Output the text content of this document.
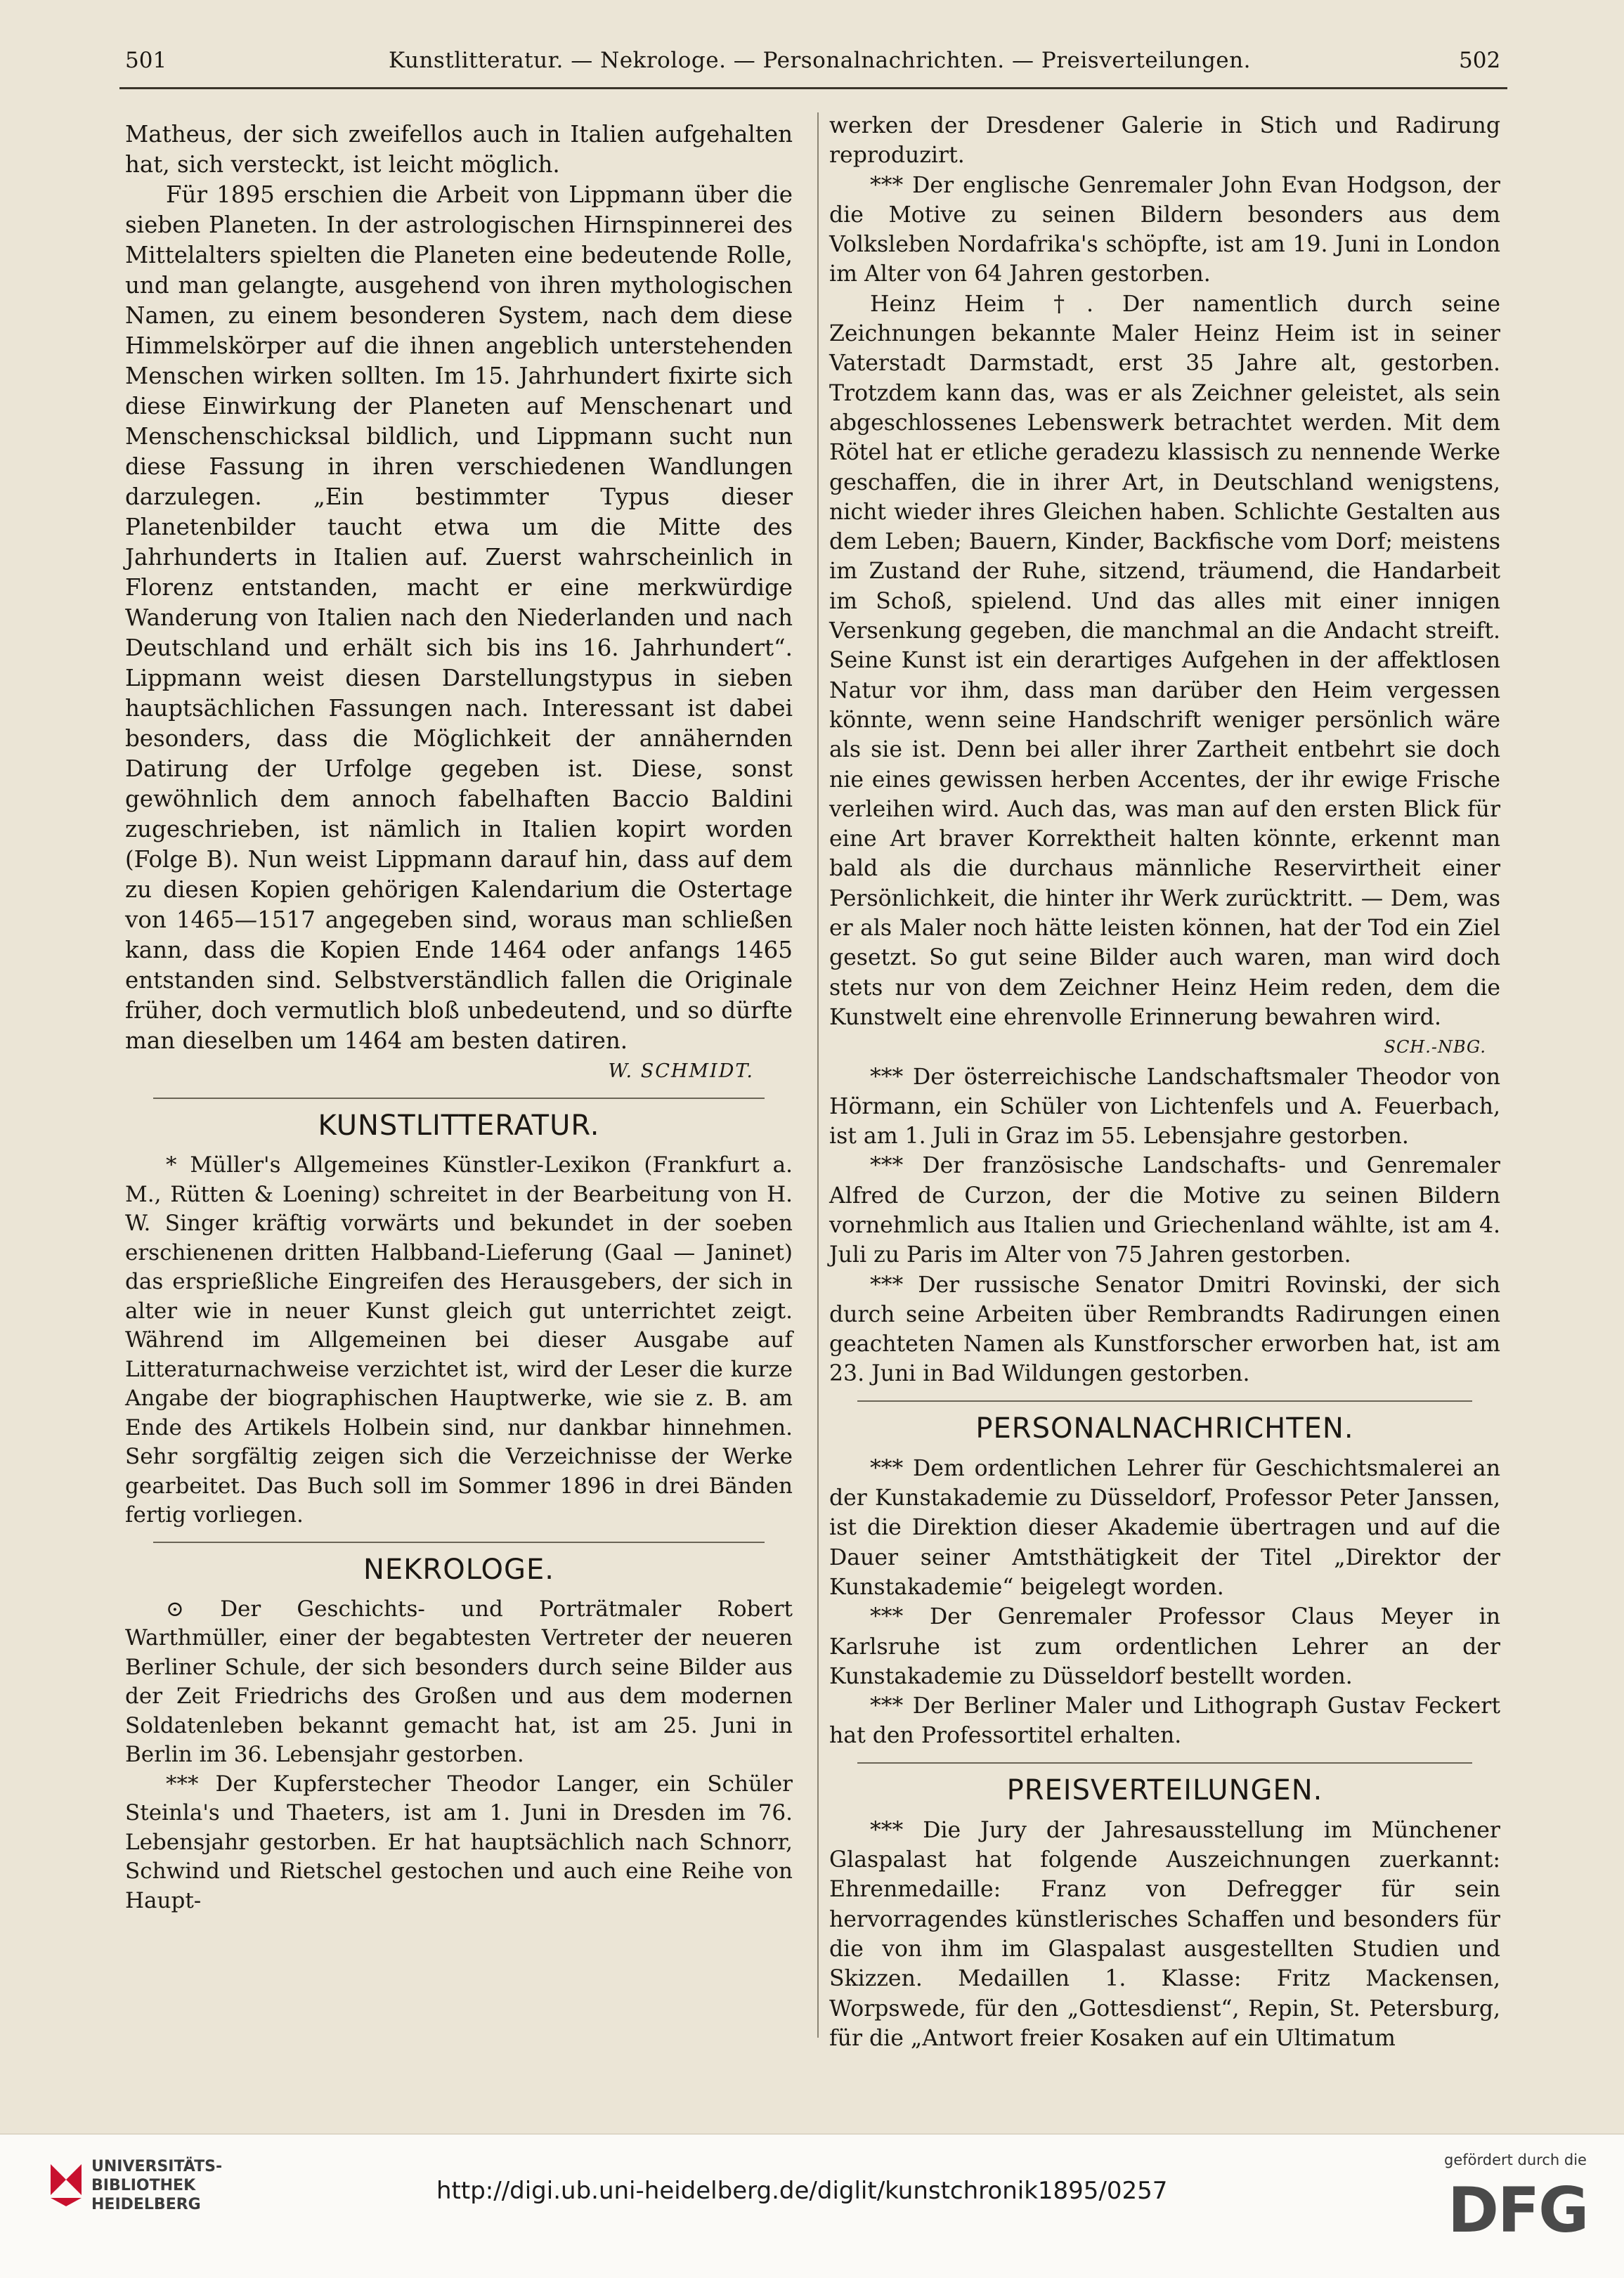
501	Kunstlitteratur. — Nekrologe. — Personalnachrichten. — Preisverteilungen.	502

Matheus, der sich zweifellos auch in Italien aufgehalten hat, sich versteckt, ist leicht möglich.

Für 1895 erschien die Arbeit von Lippmann über die sieben Planeten. In der astrologischen Hirnspinnerei des Mittelalters spielten die Planeten eine bedeutende Rolle, und man gelangte, ausgehend von ihren mythologischen Namen, zu einem besonderen System, nach dem diese Himmelskörper auf die ihnen angeblich unterstehenden Menschen wirken sollten. Im 15. Jahrhundert fixirte sich diese Einwirkung der Planeten auf Menschenart und Menschenschicksal bildlich, und Lippmann sucht nun diese Fassung in ihren verschiedenen Wandlungen darzulegen. „Ein bestimmter Typus dieser Planetenbilder taucht etwa um die Mitte des Jahrhunderts in Italien auf. Zuerst wahrscheinlich in Florenz entstanden, macht er eine merkwürdige Wanderung von Italien nach den Niederlanden und nach Deutschland und erhält sich bis ins 16. Jahrhundert“. Lippmann weist diesen Darstellungstypus in sieben hauptsächlichen Fassungen nach. Interessant ist dabei besonders, dass die Möglichkeit der annähernden Datirung der Urfolge gegeben ist. Diese, sonst gewöhnlich dem annoch fabelhaften Baccio Baldini zugeschrieben, ist nämlich in Italien kopirt worden (Folge B). Nun weist Lippmann darauf hin, dass auf dem zu diesen Kopien gehörigen Kalendarium die Ostertage von 1465—1517 angegeben sind, woraus man schließen kann, dass die Kopien Ende 1464 oder anfangs 1465 entstanden sind. Selbstverständlich fallen die Originale früher, doch vermutlich bloß unbedeutend, und so dürfte man dieselben um 1464 am besten datiren.

W. SCHMIDT.

KUNSTLITTERATUR.

* Müller's Allgemeines Künstler-Lexikon (Frankfurt a. M., Rütten & Loening) schreitet in der Bearbeitung von H. W. Singer kräftig vorwärts und bekundet in der soeben erschienenen dritten Halbband-Lieferung (Gaal — Janinet) das ersprießliche Eingreifen des Herausgebers, der sich in alter wie in neuer Kunst gleich gut unterrichtet zeigt. Während im Allgemeinen bei dieser Ausgabe auf Litteraturnachweise verzichtet ist, wird der Leser die kurze Angabe der biographischen Hauptwerke, wie sie z. B. am Ende des Artikels Holbein sind, nur dankbar hinnehmen. Sehr sorgfältig zeigen sich die Verzeichnisse der Werke gearbeitet. Das Buch soll im Sommer 1896 in drei Bänden fertig vorliegen.

NEKROLOGE.

⊙ Der Geschichts- und Porträtmaler Robert Warthmüller, einer der begabtesten Vertreter der neueren Berliner Schule, der sich besonders durch seine Bilder aus der Zeit Friedrichs des Großen und aus dem modernen Soldatenleben bekannt gemacht hat, ist am 25. Juni in Berlin im 36. Lebensjahr gestorben.

*** Der Kupferstecher Theodor Langer, ein Schüler Steinla's und Thaeters, ist am 1. Juni in Dresden im 76. Lebensjahr gestorben. Er hat hauptsächlich nach Schnorr, Schwind und Rietschel gestochen und auch eine Reihe von Haupt-

werken der Dresdener Galerie in Stich und Radirung reproduzirt.

*** Der englische Genremaler John Evan Hodgson, der die Motive zu seinen Bildern besonders aus dem Volksleben Nordafrika's schöpfte, ist am 19. Juni in London im Alter von 64 Jahren gestorben.

Heinz Heim †. Der namentlich durch seine Zeichnungen bekannte Maler Heinz Heim ist in seiner Vaterstadt Darmstadt, erst 35 Jahre alt, gestorben. Trotzdem kann das, was er als Zeichner geleistet, als sein abgeschlossenes Lebenswerk betrachtet werden. Mit dem Rötel hat er etliche geradezu klassisch zu nennende Werke geschaffen, die in ihrer Art, in Deutschland wenigstens, nicht wieder ihres Gleichen haben. Schlichte Gestalten aus dem Leben; Bauern, Kinder, Backfische vom Dorf; meistens im Zustand der Ruhe, sitzend, träumend, die Handarbeit im Schoß, spielend. Und das alles mit einer innigen Versenkung gegeben, die manchmal an die Andacht streift. Seine Kunst ist ein derartiges Aufgehen in der affektlosen Natur vor ihm, dass man darüber den Heim vergessen könnte, wenn seine Handschrift weniger persönlich wäre als sie ist. Denn bei aller ihrer Zartheit entbehrt sie doch nie eines gewissen herben Accentes, der ihr ewige Frische verleihen wird. Auch das, was man auf den ersten Blick für eine Art braver Korrektheit halten könnte, erkennt man bald als die durchaus männliche Reservirtheit einer Persönlichkeit, die hinter ihr Werk zurücktritt. — Dem, was er als Maler noch hätte leisten können, hat der Tod ein Ziel gesetzt. So gut seine Bilder auch waren, man wird doch stets nur von dem Zeichner Heinz Heim reden, dem die Kunstwelt eine ehrenvolle Erinnerung bewahren wird.

SCH.-NBG.

*** Der österreichische Landschaftsmaler Theodor von Hörmann, ein Schüler von Lichtenfels und A. Feuerbach, ist am 1. Juli in Graz im 55. Lebensjahre gestorben.

*** Der französische Landschafts- und Genremaler Alfred de Curzon, der die Motive zu seinen Bildern vornehmlich aus Italien und Griechenland wählte, ist am 4. Juli zu Paris im Alter von 75 Jahren gestorben.

*** Der russische Senator Dmitri Rovinski, der sich durch seine Arbeiten über Rembrandts Radirungen einen geachteten Namen als Kunstforscher erworben hat, ist am 23. Juni in Bad Wildungen gestorben.

PERSONALNACHRICHTEN.

*** Dem ordentlichen Lehrer für Geschichtsmalerei an der Kunstakademie zu Düsseldorf, Professor Peter Janssen, ist die Direktion dieser Akademie übertragen und auf die Dauer seiner Amtsthätigkeit der Titel „Direktor der Kunstakademie“ beigelegt worden.

*** Der Genremaler Professor Claus Meyer in Karlsruhe ist zum ordentlichen Lehrer an der Kunstakademie zu Düsseldorf bestellt worden.

*** Der Berliner Maler und Lithograph Gustav Feckert hat den Professortitel erhalten.

PREISVERTEILUNGEN.

*** Die Jury der Jahresausstellung im Münchener Glaspalast hat folgende Auszeichnungen zuerkannt: Ehrenmedaille: Franz von Defregger für sein hervorragendes künstlerisches Schaffen und besonders für die von ihm im Glaspalast ausgestellten Studien und Skizzen. Medaillen 1. Klasse: Fritz Mackensen, Worpswede, für den „Gottesdienst“, Repin, St. Petersburg, für die „Antwort freier Kosaken auf ein Ultimatum

UNIVERSITÄTS-
BIBLIOTHEK
HEIDELBERG	http://digi.ub.uni-heidelberg.de/diglit/kunstchronik1895/0257
gefördert durch die
DFG
